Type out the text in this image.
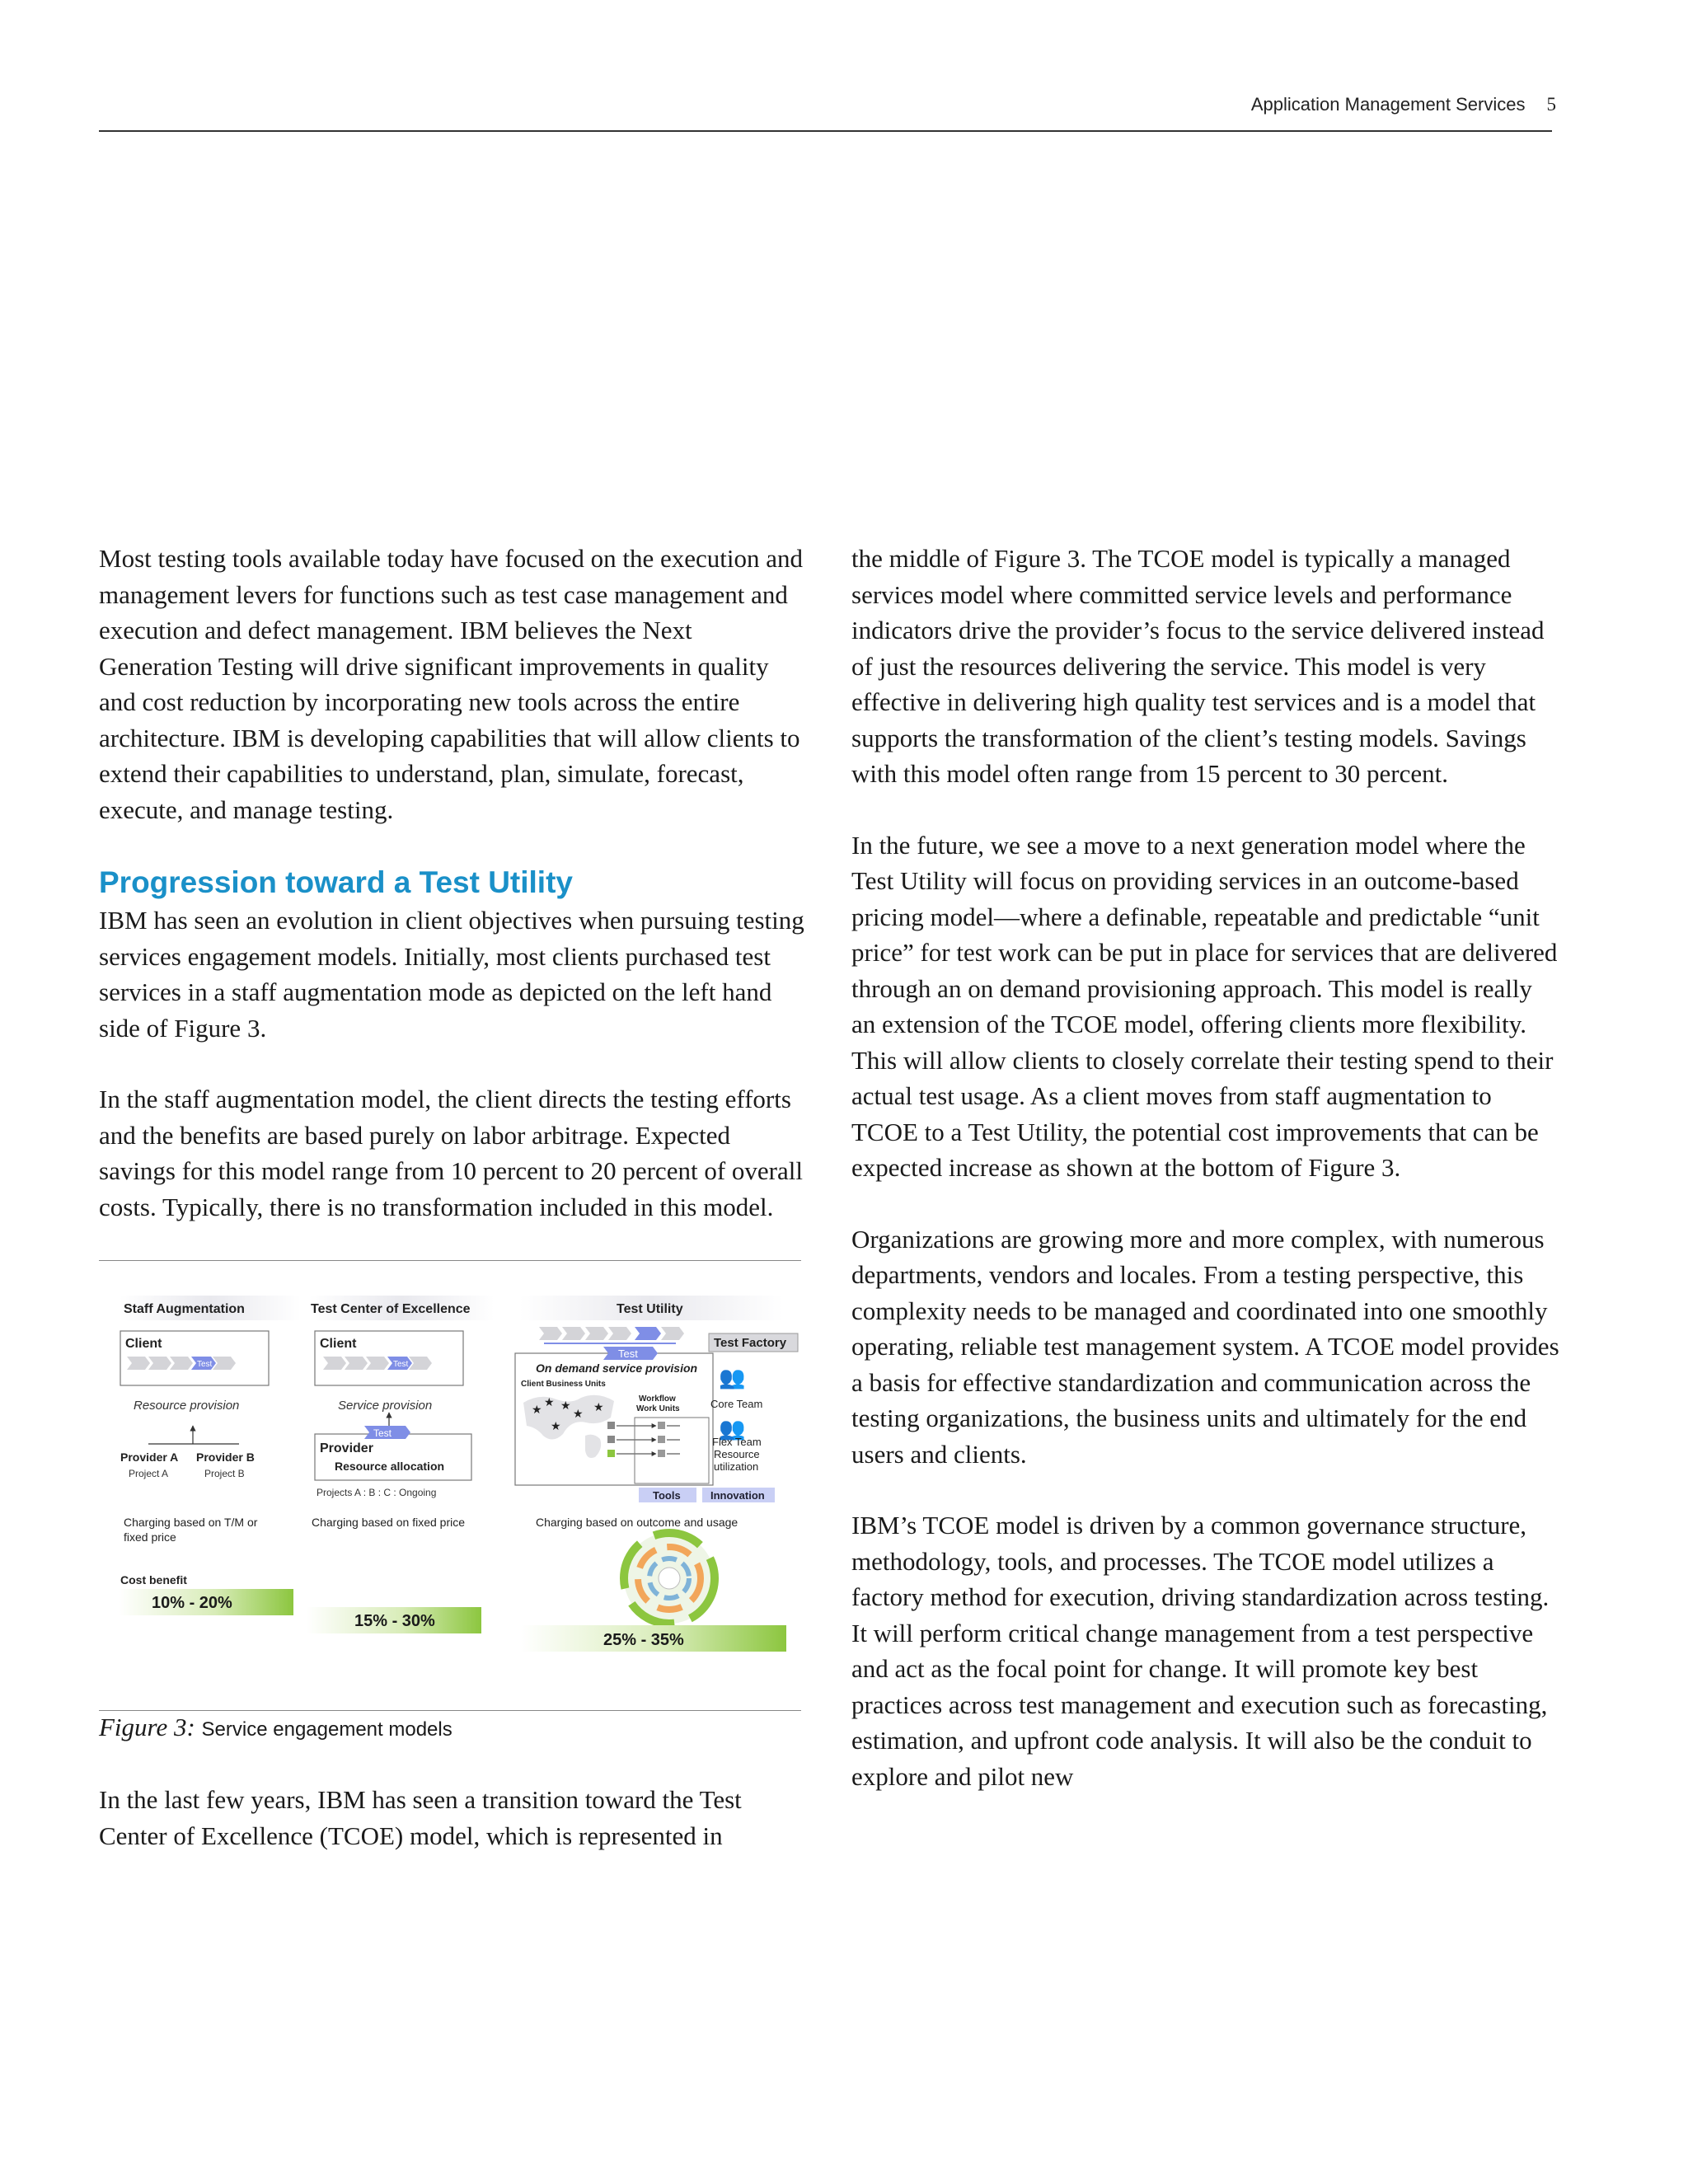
Application Management Services 5

Most testing tools available today have focused on the execution and management levers for functions such as test case management and execution and defect management. IBM believes the Next Generation Testing will drive significant improvements in quality and cost reduction by incorporating new tools across the entire architecture. IBM is developing capabilities that will allow clients to extend their capabilities to understand, plan, simulate, forecast, execute, and manage testing.

Progression toward a Test Utility

IBM has seen an evolution in client objectives when pursuing testing services engagement models. Initially, most clients purchased test services in a staff augmentation mode as depicted on the left hand side of Figure 3.

In the staff augmentation model, the client directs the testing efforts and the benefits are based purely on labor arbitrage. Expected savings for this model range from 10 percent to 20 percent of overall costs. Typically, there is no transformation included in this model.

Staff Augmentation	Test Center of Excellence	Test Utility
Client
Test
Resource provision
Provider A Provider B
Project A	Project B
Charging based on T/M or
fixed price
Client
Test
Service provision
Test
Provider
Resource allocation
Projects A : B : C : Ongoing
Charging based on fixed price
Test Factory
Test
On demand service provision
Client Business Units
★
★ ★
★ ★
★
Workflow
Work Units
👥
Core Team
👥
Flex Team
Resource
utilization
Tools	Innovation
Charging based on outcome and usage
Cost benefit
10% - 20%
15% - 30%
25% - 35%

Figure 3: Service engagement models

In the last few years, IBM has seen a transition toward the Test Center of Excellence (TCOE) model, which is represented in

the middle of Figure 3. The TCOE model is typically a managed services model where committed service levels and performance indicators drive the provider’s focus to the service delivered instead of just the resources delivering the service. This model is very effective in delivering high quality test services and is a model that supports the transformation of the client’s testing models. Savings with this model often range from 15 percent to 30 percent.

In the future, we see a move to a next generation model where the Test Utility will focus on providing services in an outcome-based pricing model—where a definable, repeatable and predictable “unit price” for test work can be put in place for services that are delivered through an on demand provisioning approach. This model is really an extension of the TCOE model, offering clients more flexibility. This will allow clients to closely correlate their testing spend to their actual test usage. As a client moves from staff augmentation to TCOE to a Test Utility, the potential cost improvements that can be expected increase as shown at the bottom of Figure 3.

Organizations are growing more and more complex, with numerous departments, vendors and locales. From a testing perspective, this complexity needs to be managed and coordinated into one smoothly operating, reliable test management system. A TCOE model provides a basis for effective standardization and communication across the testing organizations, the business units and ultimately for the end users and clients.

IBM’s TCOE model is driven by a common governance structure, methodology, tools, and processes. The TCOE model utilizes a factory method for execution, driving standardization across testing. It will perform critical change management from a test perspective and act as the focal point for change. It will promote key best practices across test management and execution such as forecasting, estimation, and upfront code analysis. It will also be the conduit to explore and pilot new
